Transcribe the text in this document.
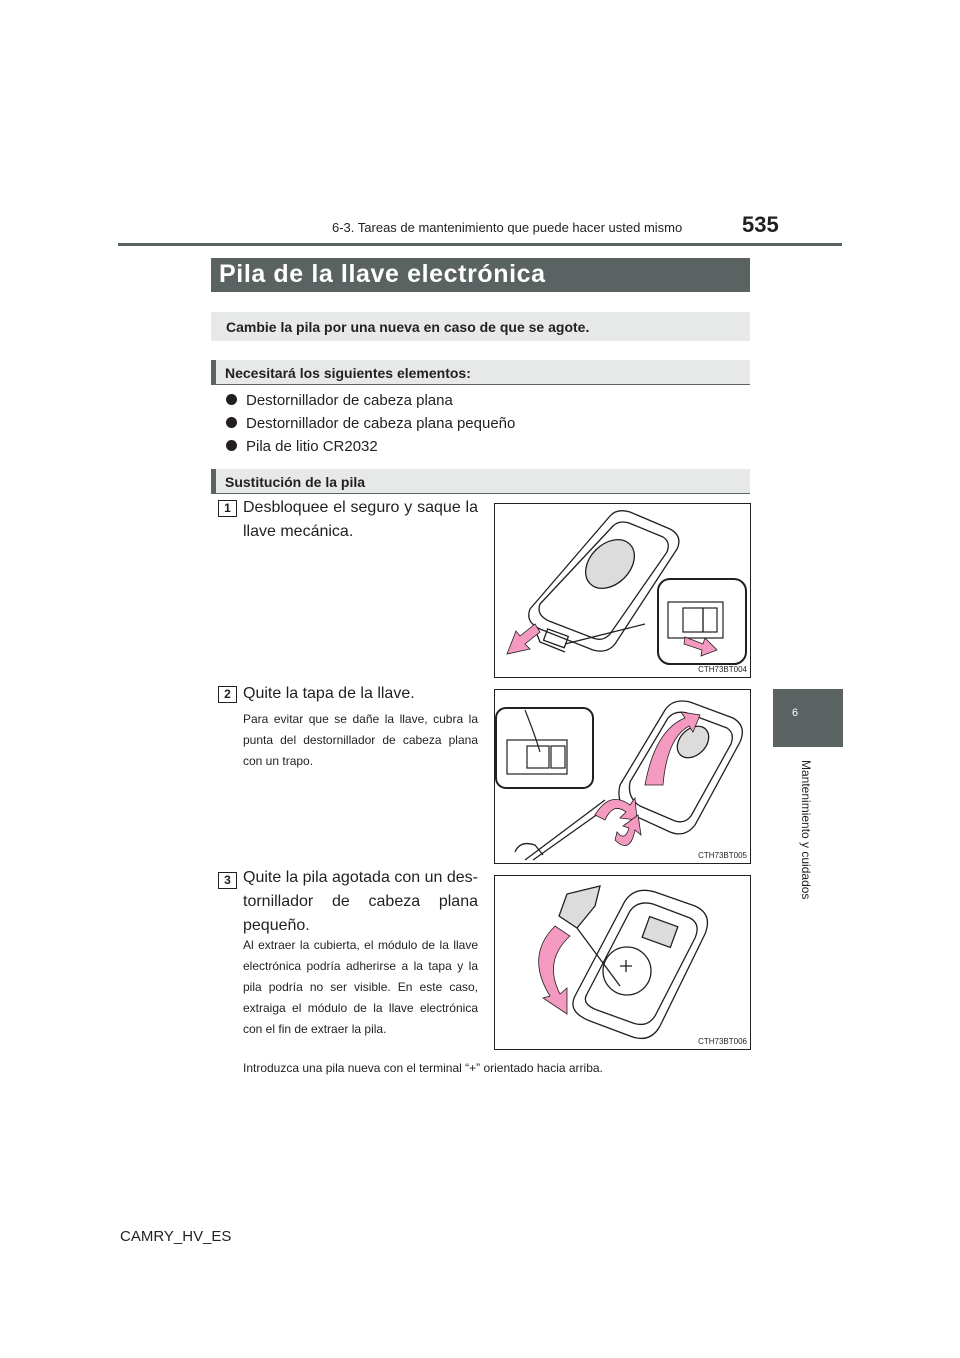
6-3. Tareas de mantenimiento que puede hacer usted mismo	535
6
Mantenimiento y cuidados
Pila de la llave electrónica
Cambie la pila por una nueva en caso de que se agote.
Necesitará los siguientes elementos:
Destornillador de cabeza plana
Destornillador de cabeza plana pequeño
Pila de litio CR2032
Sustitución de la pila
1 Desbloquee el seguro y saque la llave mecánica.
CTH73BT004
2 Quite la tapa de la llave.
Para evitar que se dañe la llave, cubra la punta del destornillador de cabeza plana con un trapo.
CTH73BT005
3 Quite la pila agotada con un des-tornillador de cabeza plana pequeño.
Al extraer la cubierta, el módulo de la llave electrónica podría adherirse a la tapa y la pila podría no ser visible. En este caso, extraiga el módulo de la llave electrónica con el fin de extraer la pila.
CTH73BT006
Introduzca una pila nueva con el terminal “+” orientado hacia arriba.
CAMRY_HV_ES
